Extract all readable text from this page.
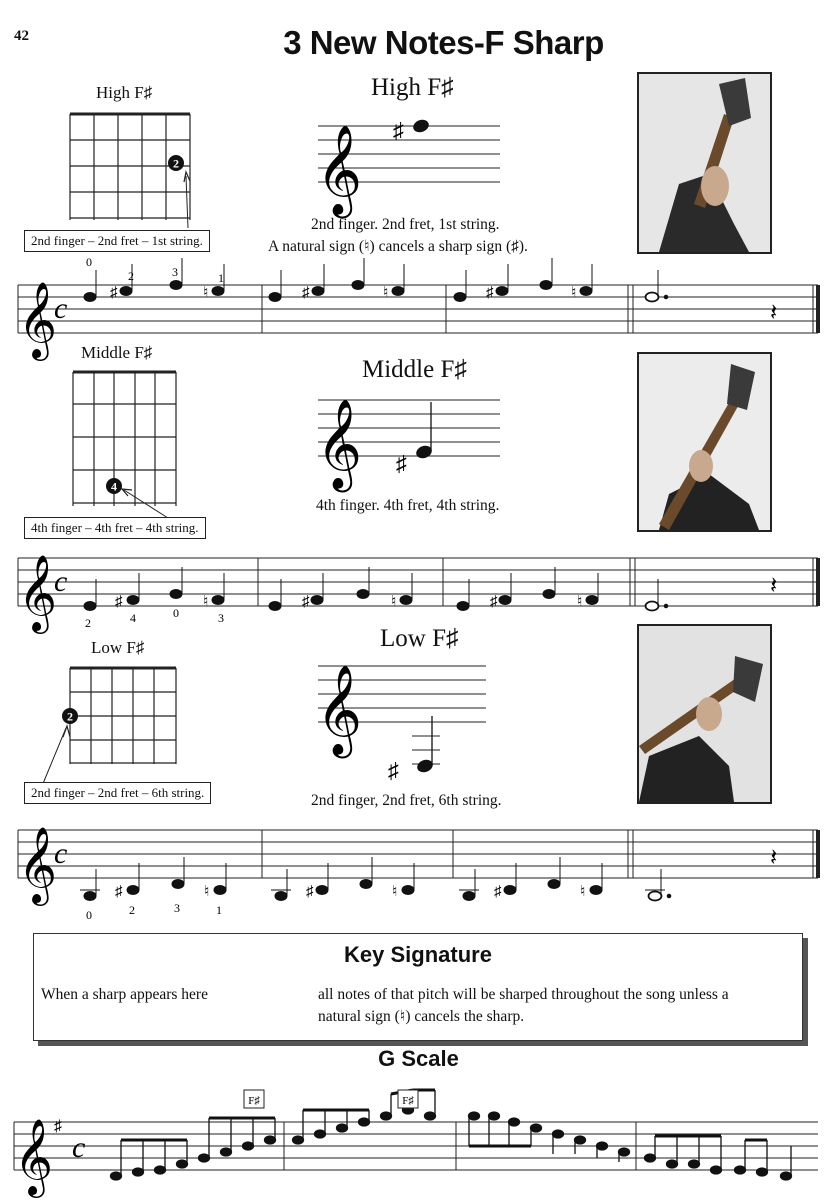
42	3 New Notes-F Sharp
High F♯
2 𝄞 ♯
𝄞
c	♯	♮	♯	♮	♯	♮
𝄽
0
2	3	1
4	𝄞 ♯
𝄞
c
♯	♮	♯	♮	♯	♮
𝄽
2	4	0	3
2	𝄞
♯
𝄞
c
♯	♮	♯	♮	♯	♮
𝄽
0	2	3	1
𝄞 ♯
c
F♯	F♯
High F♯
2nd finger – 2nd fret – 1st string.
2nd finger. 2nd fret, 1st string.
A natural sign (♮) cancels a sharp sign (♯).
Middle F♯
Middle F♯
4th finger – 4th fret – 4th string.
4th finger. 4th fret, 4th string.
Low F♯	Low F♯
2nd finger – 2nd fret – 6th string.	2nd finger, 2nd fret, 6th string.
Key Signature
When a sharp appears here	all notes of that pitch will be sharped throughout the song unless a
natural sign (♮) cancels the sharp.
G Scale
